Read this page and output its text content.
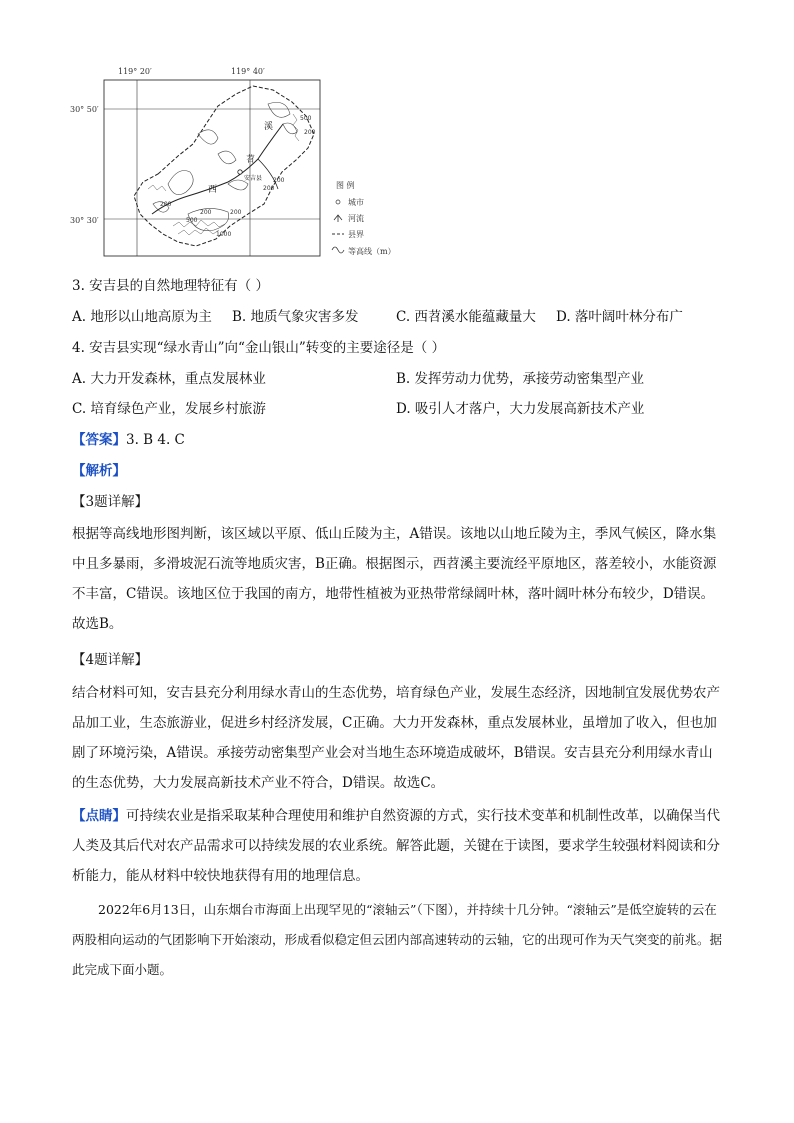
119° 20′	119° 40′
30° 50′
30° 30′
溪
苕
西
安吉县
200
200
200
500
200
200
1000
500
200
图 例
城市
河流
县界
等高线（m）
3. 安吉县的自然地理特征有（ ）
A. 地形以山地高原为主 B. 地质气象灾害多发	C. 西苕溪水能蕴藏量大 D. 落叶阔叶林分布广
4. 安吉县实现“绿水青山”向“金山银山”转变的主要途径是（ ）
A. 大力开发森林，重点发展林业	B. 发挥劳动力优势，承接劳动密集型产业
C. 培育绿色产业，发展乡村旅游	D. 吸引人才落户，大力发展高新技术产业
【答案】3. B 4. C
【解析】
【3题详解】
根据等高线地形图判断，该区域以平原、低山丘陵为主，A错误。该地以山地丘陵为主，季风气候区，降水集中且多暴雨，多滑坡泥石流等地质灾害，B正确。根据图示，西苕溪主要流经平原地区，落差较小，水能资源不丰富，C错误。该地区位于我国的南方，地带性植被为亚热带常绿阔叶林，落叶阔叶林分布较少，D错误。故选B。
【4题详解】
结合材料可知，安吉县充分利用绿水青山的生态优势，培育绿色产业，发展生态经济，因地制宜发展优势农产品加工业，生态旅游业，促进乡村经济发展，C正确。大力开发森林，重点发展林业，虽增加了收入，但也加剧了环境污染，A错误。承接劳动密集型产业会对当地生态环境造成破坏，B错误。安吉县充分利用绿水青山的生态优势，大力发展高新技术产业不符合，D错误。故选C。
【点睛】可持续农业是指采取某种合理使用和维护自然资源的方式，实行技术变革和机制性改革，以确保当代人类及其后代对农产品需求可以持续发展的农业系统。解答此题，关键在于读图，要求学生较强材料阅读和分析能力，能从材料中较快地获得有用的地理信息。
2022年6月13日，山东烟台市海面上出现罕见的“滚轴云”（下图），并持续十几分钟。“滚轴云”是低空旋转的云在两股相向运动的气团影响下开始滚动，形成看似稳定但云团内部高速转动的云轴，它的出现可作为天气突变的前兆。据此完成下面小题。
